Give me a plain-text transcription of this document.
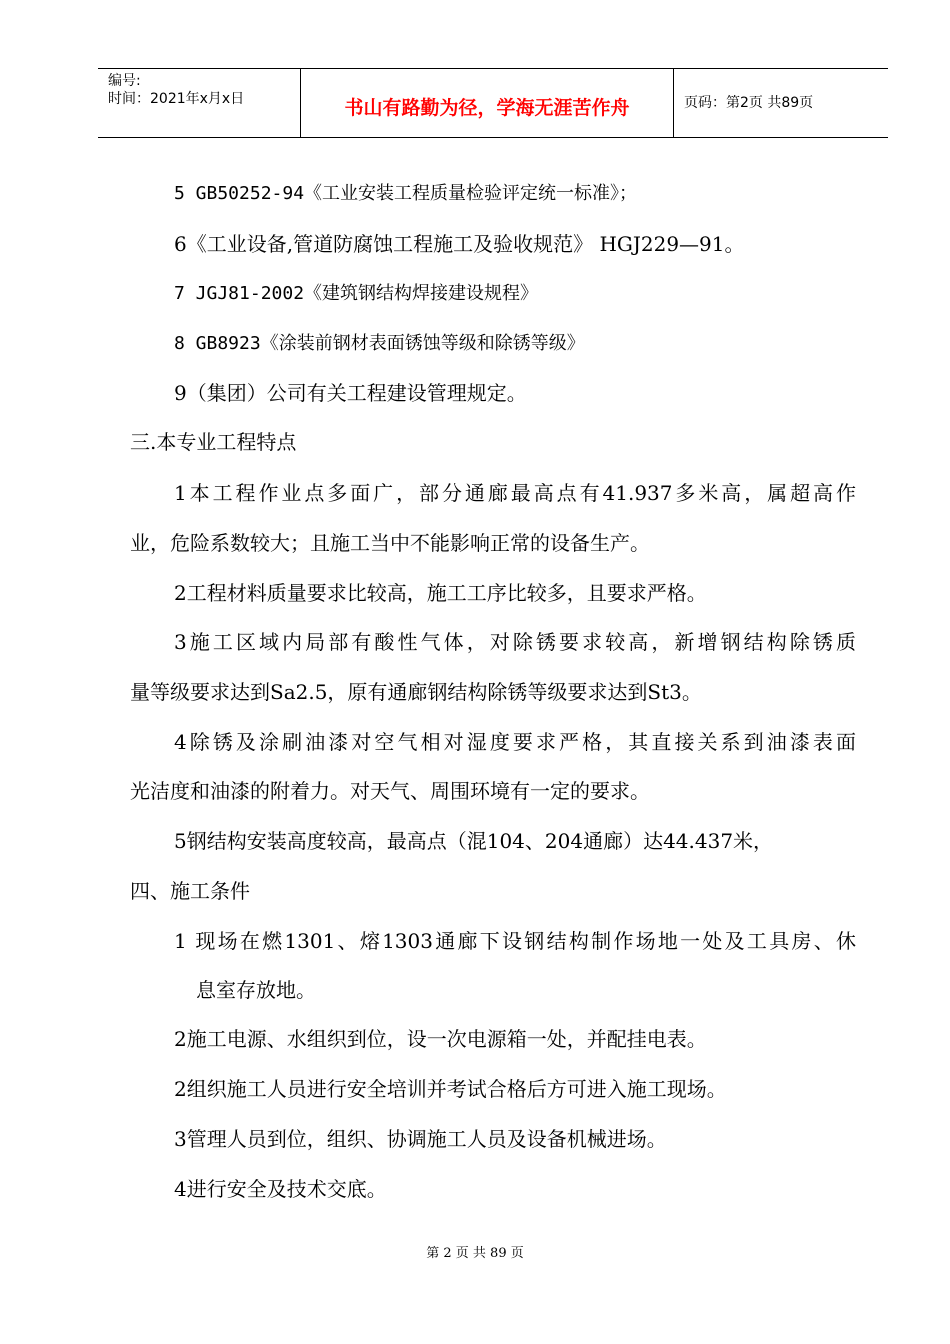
编号:
时间：2021年x月x日	书山有路勤为径，学海无涯苦作舟	页码：第2页 共89页
5 GB50252-94《工业安装工程质量检验评定统一标准》；
6《工业设备,管道防腐蚀工程施工及验收规范》 HGJ229—91。
7 JGJ81-2002《建筑钢结构焊接建设规程》
8 GB8923《涂装前钢材表面锈蚀等级和除锈等级》
9（集团）公司有关工程建设管理规定。
三.本专业工程特点
1本工程作业点多面广，部分通廊最高点有41.937多米高，属超高作
业，危险系数较大；且施工当中不能影响正常的设备生产。
2工程材料质量要求比较高，施工工序比较多，且要求严格。
3施工区域内局部有酸性气体，对除锈要求较高，新增钢结构除锈质
量等级要求达到Sa2.5，原有通廊钢结构除锈等级要求达到St3。
4除锈及涂刷油漆对空气相对湿度要求严格，其直接关系到油漆表面
光洁度和油漆的附着力。对天气、周围环境有一定的要求。
5钢结构安装高度较高，最高点（混104、204通廊）达44.437米，
四、施工条件
1 现场在燃1301、熔1303通廊下设钢结构制作场地一处及工具房、休
息室存放地。
2施工电源、水组织到位，设一次电源箱一处，并配挂电表。
2组织施工人员进行安全培训并考试合格后方可进入施工现场。
3管理人员到位，组织、协调施工人员及设备机械进场。
4进行安全及技术交底。
第 2 页 共 89 页
